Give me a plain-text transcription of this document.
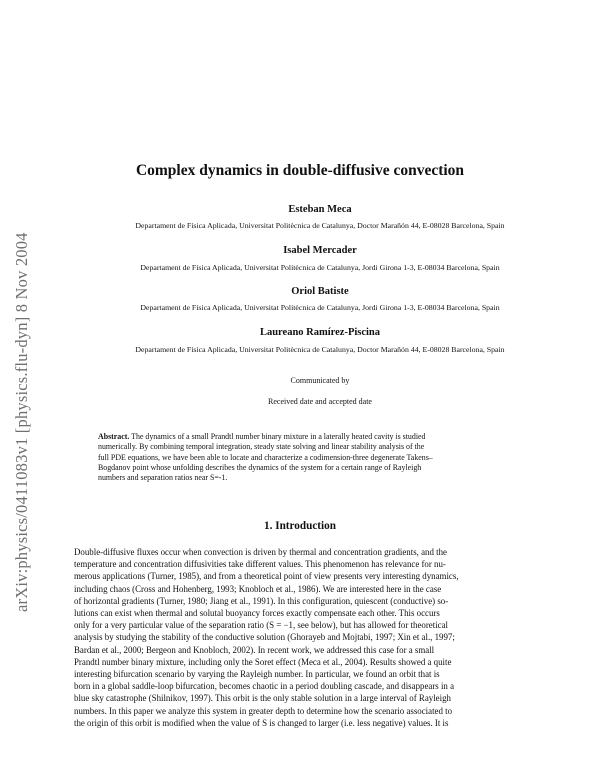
arXiv:physics/0411083v1 [physics.flu-dyn] 8 Nov 2004
Complex dynamics in double-diffusive convection
Esteban Meca
Departament de Física Aplicada, Universitat Politècnica de Catalunya, Doctor Marañón 44, E-08028 Barcelona, Spain
Isabel Mercader
Departament de Física Aplicada, Universitat Politècnica de Catalunya, Jordi Girona 1-3, E-08034 Barcelona, Spain
Oriol Batiste
Departament de Física Aplicada, Universitat Politècnica de Catalunya, Jordi Girona 1-3, E-08034 Barcelona, Spain
Laureano Ramírez-Piscina
Departament de Física Aplicada, Universitat Politècnica de Catalunya, Doctor Marañón 44, E-08028 Barcelona, Spain
Communicated by
Received date and accepted date
Abstract. The dynamics of a small Prandtl number binary mixture in a laterally heated cavity is studied
numerically. By combining temporal integration, steady state solving and linear stability analysis of the
full PDE equations, we have been able to locate and characterize a codimension-three degenerate Takens–
Bogdanov point whose unfolding describes the dynamics of the system for a certain range of Rayleigh
numbers and separation ratios near S=-1.
1. Introduction
Double-diffusive fluxes occur when convection is driven by thermal and concentration gradients, and the
temperature and concentration diffusivities take different values. This phenomenon has relevance for nu-
merous applications (Turner, 1985), and from a theoretical point of view presents very interesting dynamics,
including chaos (Cross and Hohenberg, 1993; Knobloch et al., 1986). We are interested here in the case
of horizontal gradients (Turner, 1980; Jiang et al., 1991). In this configuration, quiescent (conductive) so-
lutions can exist when thermal and solutal buoyancy forces exactly compensate each other. This occurs
only for a very particular value of the separation ratio (S = −1, see below), but has allowed for theoretical
analysis by studying the stability of the conductive solution (Ghorayeb and Mojtabi, 1997; Xin et al., 1997;
Bardan et al., 2000; Bergeon and Knobloch, 2002). In recent work, we addressed this case for a small
Prandtl number binary mixture, including only the Soret effect (Meca et al., 2004). Results showed a quite
interesting bifurcation scenario by varying the Rayleigh number. In particular, we found an orbit that is
born in a global saddle-loop bifurcation, becomes chaotic in a period doubling cascade, and disappears in a
blue sky catastrophe (Shilnikov, 1997). This orbit is the only stable solution in a large interval of Rayleigh
numbers. In this paper we analyze this system in greater depth to determine how the scenario associated to
the origin of this orbit is modified when the value of S is changed to larger (i.e. less negative) values. It is
